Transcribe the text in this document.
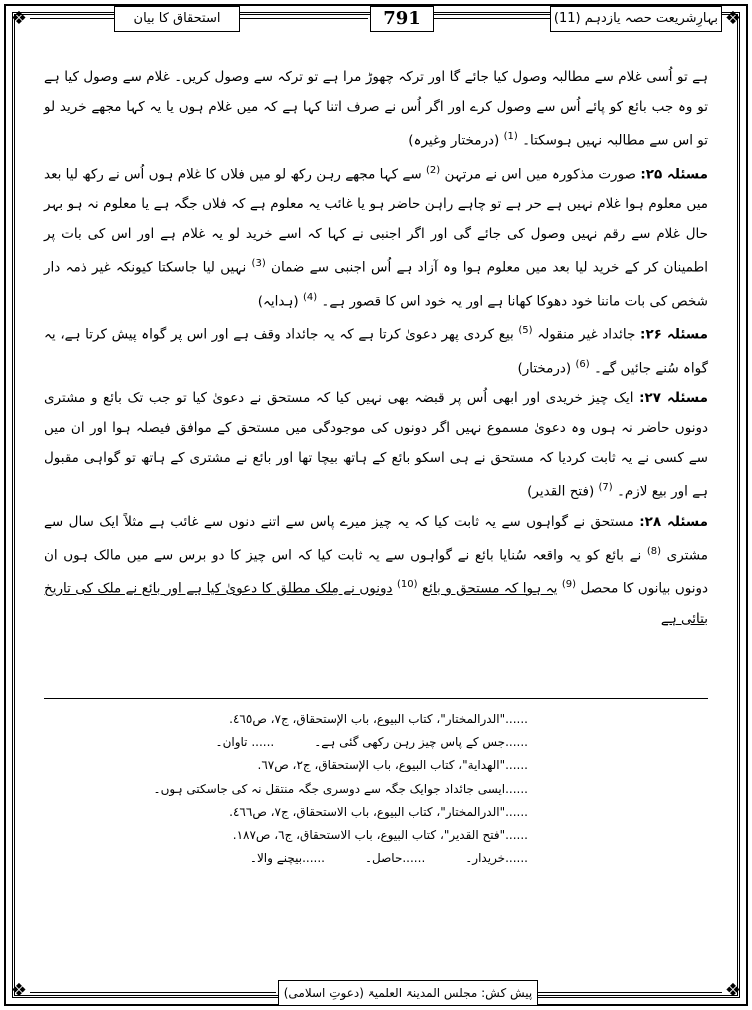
❖	❖
❖	❖
استحقاق کا بیان	791	بہارِشریعت حصہ یازدہم (11)

ہے تو اُسی غلام سے مطالبہ وصول کیا جائے گا اور ترکہ چھوڑ مرا ہے تو ترکہ سے وصول کریں۔ غلام سے وصول کیا ہے تو وہ جب بائع کو پائے اُس سے وصول کرے اور اگر اُس نے صرف اتنا کہا ہے کہ میں غلام ہوں یا یہ کہا مجھے خرید لو تو اس سے مطالبہ نہیں ہوسکتا۔ $^{(1)}$ (درمختار وغیرہ)

مسئلہ ۲۵: صورت مذکورہ میں اس نے مرتہن $^{(2)}$ سے کہا مجھے رہن رکھ لو میں فلاں کا غلام ہوں اُس نے رکھ لیا بعد میں معلوم ہوا غلام نہیں ہے حر ہے تو چاہے راہن حاضر ہو یا غائب یہ معلوم ہے کہ فلاں جگہ ہے یا معلوم نہ ہو بہر حال غلام سے رقم نہیں وصول کی جائے گی اور اگر اجنبی نے کہا کہ اسے خرید لو یہ غلام ہے اور اس کی بات پر اطمینان کر کے خرید لیا بعد میں معلوم ہوا وہ آزاد ہے اُس اجنبی سے ضمان $^{(3)}$ نہیں لیا جاسکتا کیونکہ غیر ذمہ دار شخص کی بات ماننا خود دھوکا کھانا ہے اور یہ خود اس کا قصور ہے۔ $^{(4)}$ (ہدایہ)

مسئلہ ۲۶: جائداد غیر منقولہ $^{(5)}$ بیع کردی پھر دعویٰ کرتا ہے کہ یہ جائداد وقف ہے اور اس پر گواہ پیش کرتا ہے، یہ گواہ سُنے جائیں گے۔ $^{(6)}$ (درمختار)

مسئلہ ۲۷: ایک چیز خریدی اور ابھی اُس پر قبضہ بھی نہیں کیا کہ مستحق نے دعویٰ کیا تو جب تک بائع و مشتری دونوں حاضر نہ ہوں وہ دعویٰ مسموع نہیں اگر دونوں کی موجودگی میں مستحق کے موافق فیصلہ ہوا اور ان میں سے کسی نے یہ ثابت کردیا کہ مستحق نے ہی اسکو بائع کے ہاتھ بیچا تھا اور بائع نے مشتری کے ہاتھ تو گواہی مقبول ہے اور بیع لازم۔ $^{(7)}$ (فتح القدیر)

مسئلہ ۲۸: مستحق نے گواہوں سے یہ ثابت کیا کہ یہ چیز میرے پاس سے اتنے دنوں سے غائب ہے مثلاً ایک سال سے مشتری $^{(8)}$ نے بائع کو یہ واقعہ سُنایا بائع نے گواہوں سے یہ ثابت کیا کہ اس چیز کا دو برس سے میں مالک ہوں ان دونوں بیانوں کا محصل $^{(9)}$ یہ ہوا کہ مستحق و بائع $^{(10)}$ دونوں نے مِلک مطلق کا دعویٰ کیا ہے اور بائع نے ملک کی تاریخ بتائی ہے

......"الدرالمختار"، کتاب البیوع، باب الإستحقاق، ج۷، ص٤٦٥.
......جس کے پاس چیز رہن رکھی گئی ہے۔
...... تاوان۔
......"الهداية"، کتاب البیوع، باب الإستحقاق، ج۲، ص٦٧.
......ایسی جائداد جوایک جگہ سے دوسری جگہ منتقل نہ کی جاسکتی ہوں۔
......"الدرالمختار"، کتاب البیوع، باب الاستحقاق، ج۷، ص٤٦٦.
......"فتح القدیر"، کتاب البیوع، باب الاستحقاق، ج٦، ص١٨٧.
......خریدار۔
......حاصل۔
......بیچنے والا۔
پیش کش: مجلس المدینۃ العلمیۃ (دعوتِ اسلامی)
